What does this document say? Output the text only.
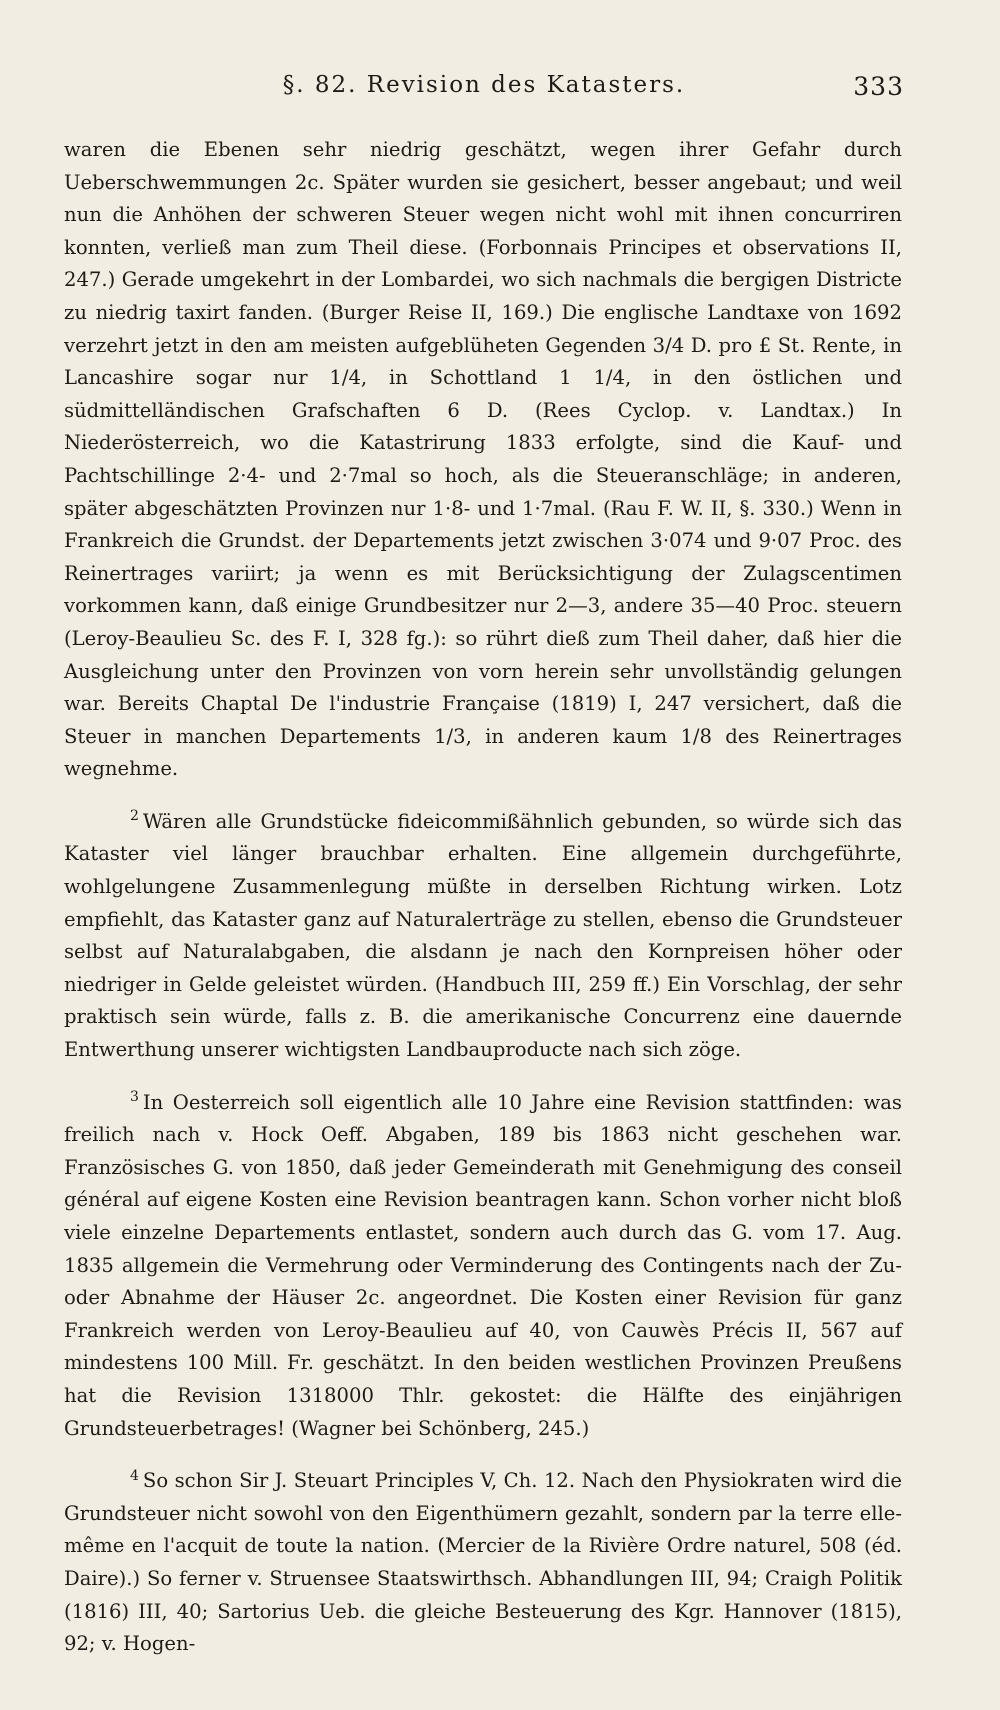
§. 82. Revision des Katasters.	333

waren die Ebenen sehr niedrig geschätzt, wegen ihrer Gefahr durch Ueberschwemmungen 2c. Später wurden sie gesichert, besser angebaut; und weil nun die Anhöhen der schweren Steuer wegen nicht wohl mit ihnen concurriren konnten, verließ man zum Theil diese. (Forbonnais Principes et observations II, 247.) Gerade umgekehrt in der Lombardei, wo sich nachmals die bergigen Districte zu niedrig taxirt fanden. (Burger Reise II, 169.) Die englische Landtaxe von 1692 verzehrt jetzt in den am meisten aufgeblüheten Gegenden 3/4 D. pro £ St. Rente, in Lancashire sogar nur 1/4, in Schottland 1 1/4, in den östlichen und südmittelländischen Grafschaften 6 D. (Rees Cyclop. v. Landtax.) In Niederösterreich, wo die Katastrirung 1833 erfolgte, sind die Kauf- und Pachtschillinge 2·4- und 2·7mal so hoch, als die Steueranschläge; in anderen, später abgeschätzten Provinzen nur 1·8- und 1·7mal. (Rau F. W. II, §. 330.) Wenn in Frankreich die Grundst. der Departements jetzt zwischen 3·074 und 9·07 Proc. des Reinertrages variirt; ja wenn es mit Berücksichtigung der Zulagscentimen vorkommen kann, daß einige Grundbesitzer nur 2—3, andere 35—40 Proc. steuern (Leroy-Beaulieu Sc. des F. I, 328 fg.): so rührt dieß zum Theil daher, daß hier die Ausgleichung unter den Provinzen von vorn herein sehr unvollständig gelungen war. Bereits Chaptal De l'industrie Française (1819) I, 247 versichert, daß die Steuer in manchen Departements 1/3, in anderen kaum 1/8 des Reinertrages wegnehme.

$^2$ Wären alle Grundstücke fideicommißähnlich gebunden, so würde sich das Kataster viel länger brauchbar erhalten. Eine allgemein durchgeführte, wohlgelungene Zusammenlegung müßte in derselben Richtung wirken. Lotz empfiehlt, das Kataster ganz auf Naturalerträge zu stellen, ebenso die Grundsteuer selbst auf Naturalabgaben, die alsdann je nach den Kornpreisen höher oder niedriger in Gelde geleistet würden. (Handbuch III, 259 ff.) Ein Vorschlag, der sehr praktisch sein würde, falls z. B. die amerikanische Concurrenz eine dauernde Entwerthung unserer wichtigsten Landbauproducte nach sich zöge.

$^3$ In Oesterreich soll eigentlich alle 10 Jahre eine Revision stattfinden: was freilich nach v. Hock Oeff. Abgaben, 189 bis 1863 nicht geschehen war. Französisches G. von 1850, daß jeder Gemeinderath mit Genehmigung des conseil général auf eigene Kosten eine Revision beantragen kann. Schon vorher nicht bloß viele einzelne Departements entlastet, sondern auch durch das G. vom 17. Aug. 1835 allgemein die Vermehrung oder Verminderung des Contingents nach der Zu- oder Abnahme der Häuser 2c. angeordnet. Die Kosten einer Revision für ganz Frankreich werden von Leroy-Beaulieu auf 40, von Cauwès Précis II, 567 auf mindestens 100 Mill. Fr. geschätzt. In den beiden westlichen Provinzen Preußens hat die Revision 1318000 Thlr. gekostet: die Hälfte des einjährigen Grundsteuerbetrages! (Wagner bei Schönberg, 245.)

$^4$ So schon Sir J. Steuart Principles V, Ch. 12. Nach den Physiokraten wird die Grundsteuer nicht sowohl von den Eigenthümern gezahlt, sondern par la terre elle-même en l'acquit de toute la nation. (Mercier de la Rivière Ordre naturel, 508 (éd. Daire).) So ferner v. Struensee Staatswirthsch. Abhandlungen III, 94; Craigh Politik (1816) III, 40; Sartorius Ueb. die gleiche Besteuerung des Kgr. Hannover (1815), 92; v. Hogen-
